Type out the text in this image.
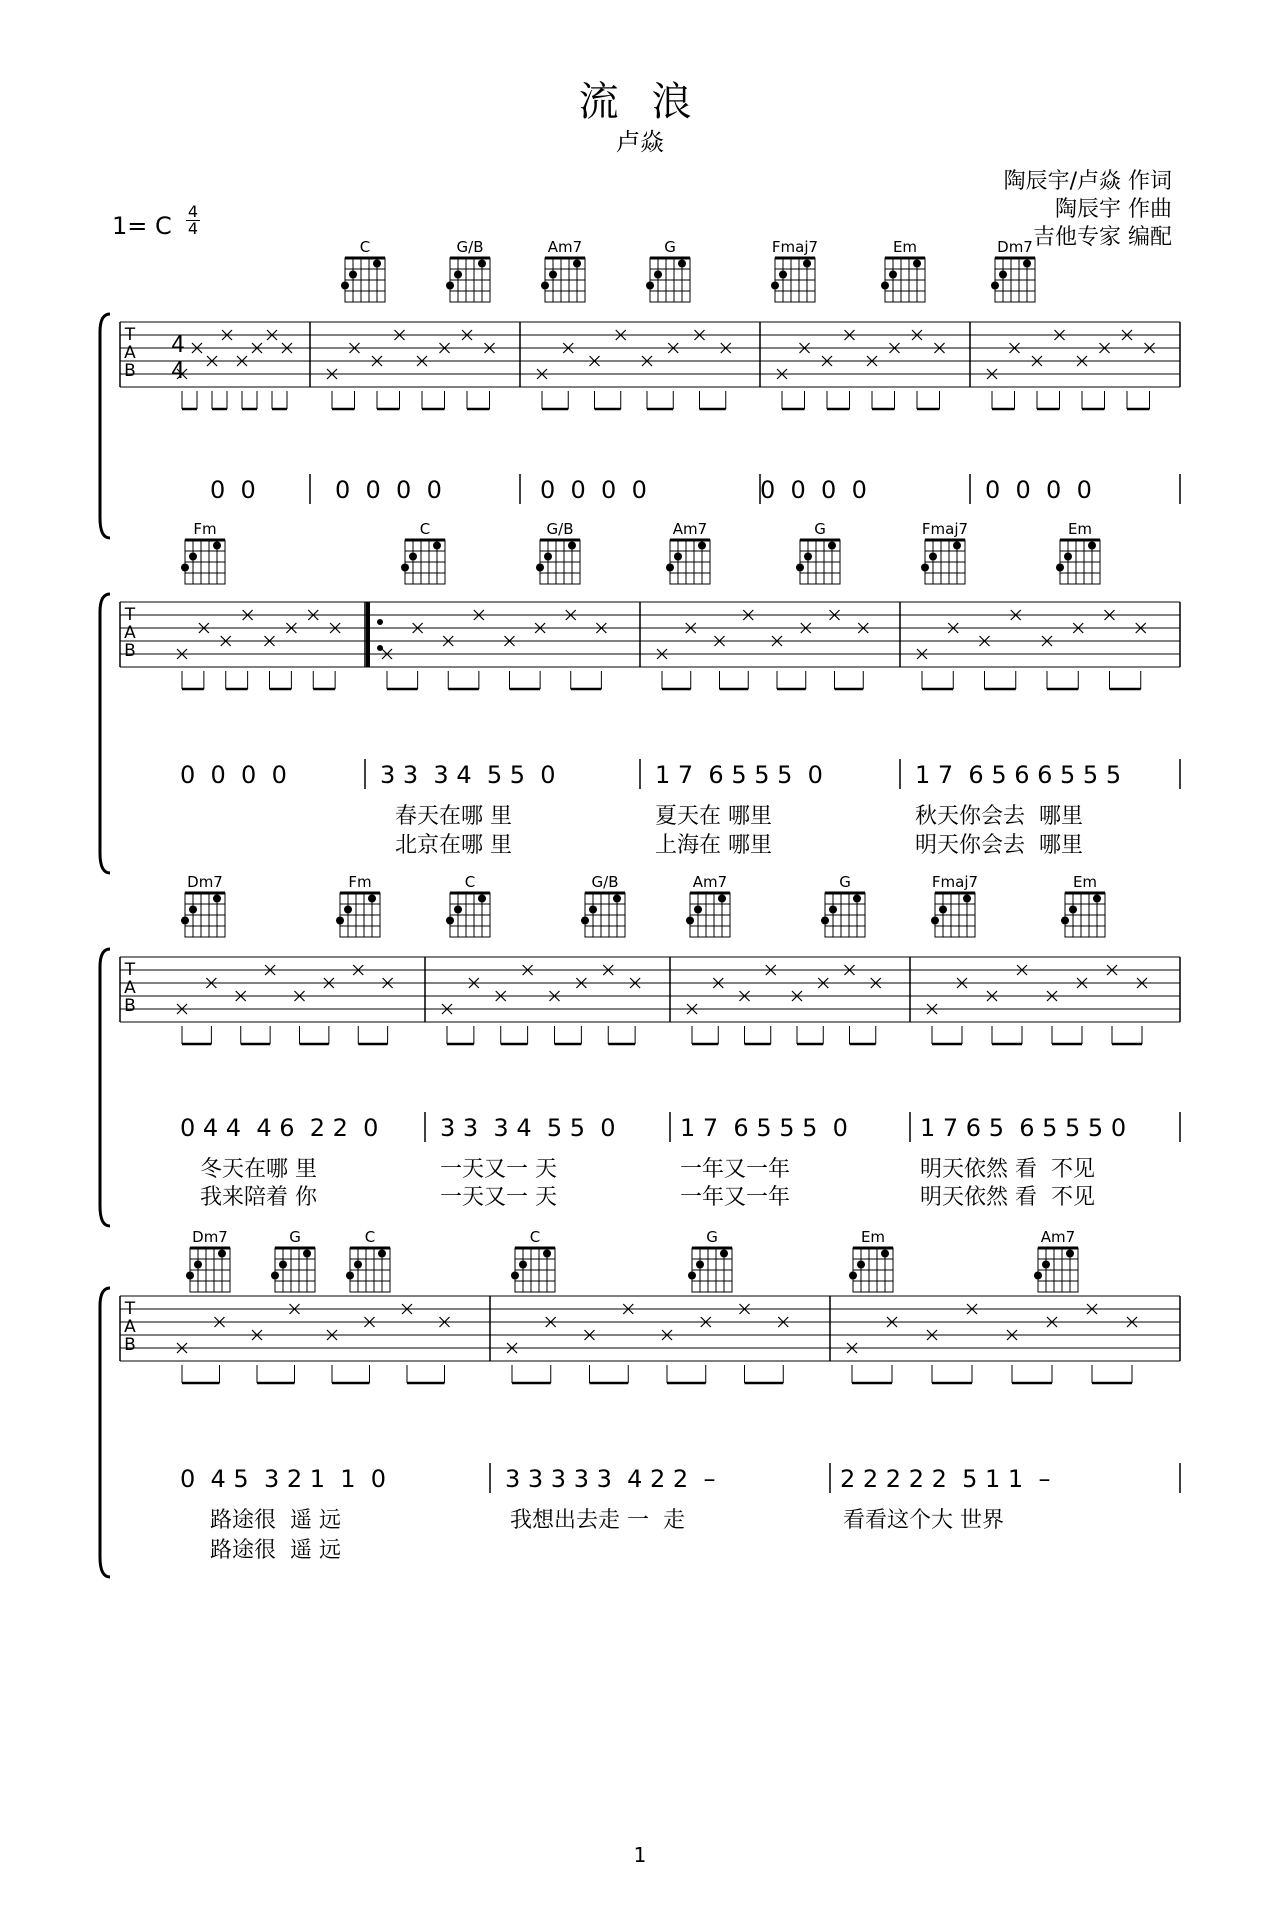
流 浪
卢焱
陶辰宇/卢焱 作词
陶辰宇 作曲
吉他专家 编配
1= C
4
4
T
A
B
C	G/B	Am7	G	Fmaj7	Em	Dm7
0  0	0  0  0  0	0  0  0  0	0  0  0  0	0  0  0  0
T
A
B
Fm	C	G/B	Am7	G	Fmaj7	Em
0  0  0  0	3 3  3 4  5 5  0	1 7  6 5 5 5  0	1 7  6 5 6 6 5 5 5
春天在哪 里	夏天在 哪里	秋天你会去  哪里
北京在哪 里	上海在 哪里	明天你会去  哪里
T
A
B
Dm7	Fm	C	G/B	Am7	G	Fmaj7	Em
0 4 4  4 6  2 2  0	3 3  3 4  5 5  0	1 7  6 5 5 5  0	1 7 6 5  6 5 5 5 0
冬天在哪 里	一天又一 天	一年又一年	明天依然 看  不见
我来陪着 你	一天又一 天	一年又一年	明天依然 看  不见
T
A
B
Dm7	G	C	C	G	Em	Am7
0  4 5  3 2 1  1  0	3 3 3 3 3  4 2 2  –	2 2 2 2 2  5 1 1  –
路途很  遥 远	我想出去走 一  走	看看这个大 世界
路途很  遥 远
4
4
1
